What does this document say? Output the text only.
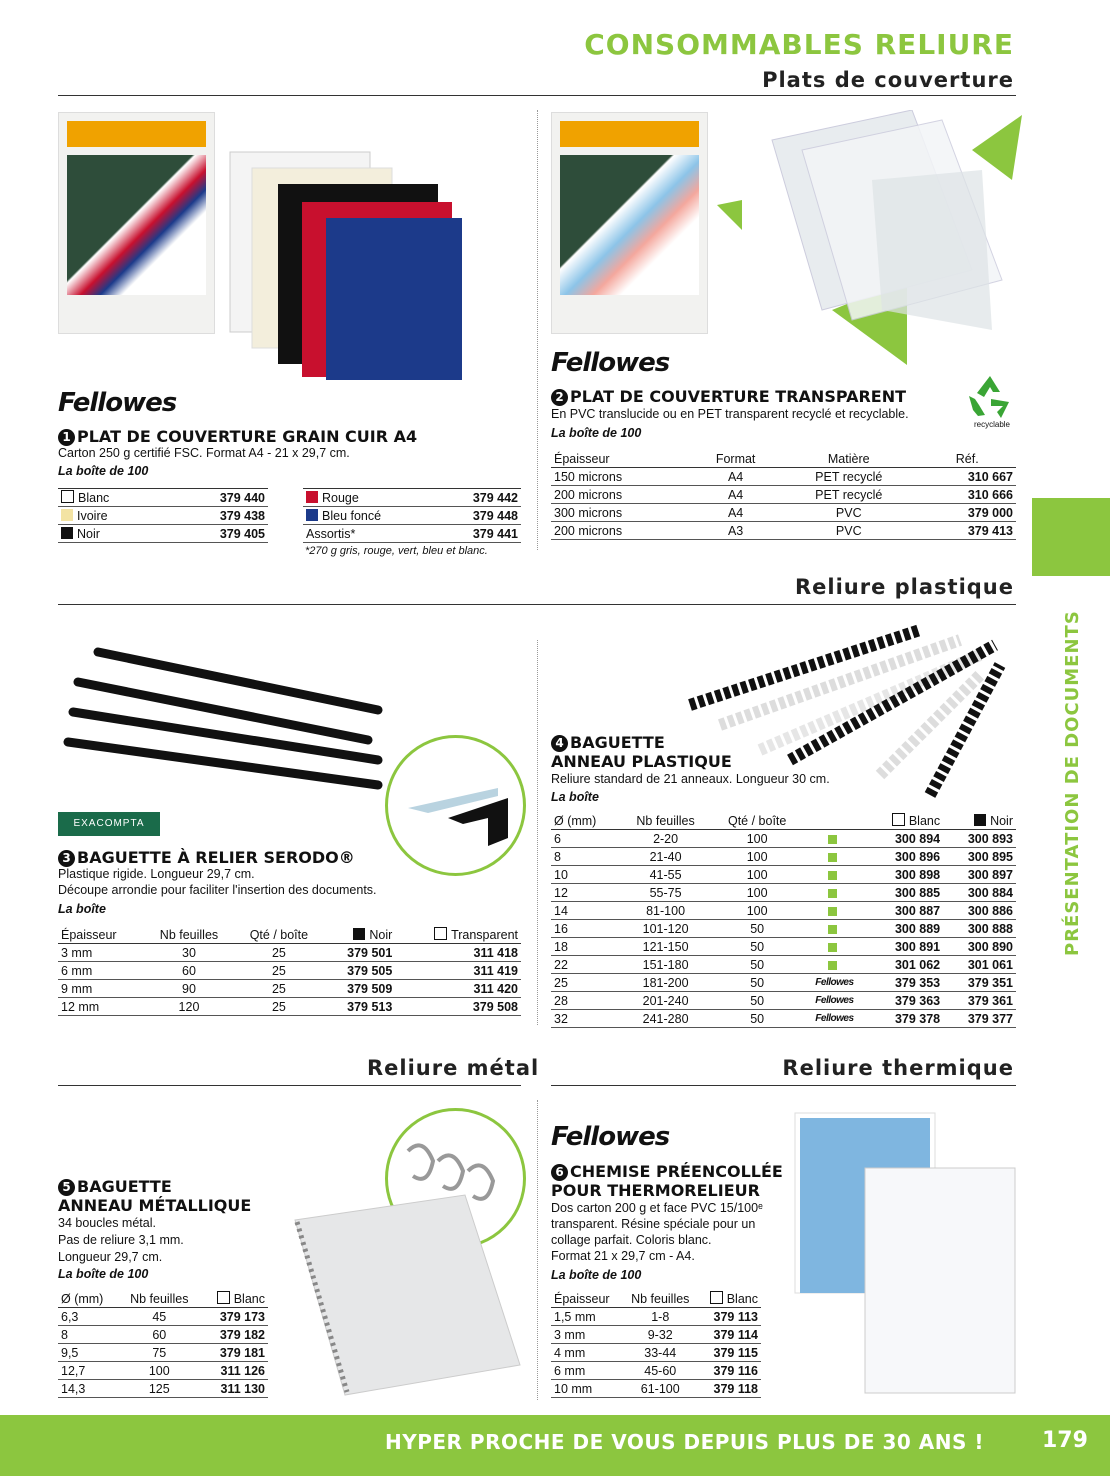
CONSOMMABLES RELIURE
Plats de couverture
Fellowes
1 PLAT DE COUVERTURE GRAIN CUIR A4
Carton 250 g certifié FSC. Format A4 - 21 x 29,7 cm.
La boîte de 100
Blanc	379 440
Ivoire	379 438
Noir	379 405
Rouge	379 442
Bleu foncé	379 448
Assortis*	379 441
*270 g gris, rouge, vert, bleu et blanc.
Fellowes
2 PLAT DE COUVERTURE TRANSPARENT
En PVC translucide ou en PET transparent recyclé et recyclable.
La boîte de 100
recyclable
Épaisseur	Format	Matière	Réf.
150 microns	A4	PET recyclé	310 667
200 microns	A4	PET recyclé	310 666
300 microns	A4	PVC	379 000
200 microns	A3	PVC	379 413
Reliure plastique
EXACOMPTA
3 BAGUETTE À RELIER SERODO®
Plastique rigide. Longueur 29,7 cm.
Découpe arrondie pour faciliter l'insertion des documents.
La boîte
Épaisseur	Nb feuilles	Qté / boîte	Noir	Transparent
3 mm	30	25	379 501	311 418
6 mm	60	25	379 505	311 419
9 mm	90	25	379 509	311 420
12 mm	120	25	379 513	379 508
4 BAGUETTE
ANNEAU PLASTIQUE
Reliure standard de 21 anneaux. Longueur 30 cm.
La boîte
Ø (mm)	Nb feuilles	Qté / boîte		Blanc	Noir
6	2-20	100		300 894	300 893
8	21-40	100		300 896	300 895
10	41-55	100		300 898	300 897
12	55-75	100		300 885	300 884
14	81-100	100		300 887	300 886
16	101-120	50		300 889	300 888
18	121-150	50		300 891	300 890
22	151-180	50		301 062	301 061
25	181-200	50	Fellowes	379 353	379 351
28	201-240	50	Fellowes	379 363	379 361
32	241-280	50	Fellowes	379 378	379 377
Reliure métal	Reliure thermique
5 BAGUETTE
ANNEAU MÉTALLIQUE
34 boucles métal.
Pas de reliure 3,1 mm.
Longueur 29,7 cm.
La boîte de 100
Ø (mm)	Nb feuilles	Blanc
6,3	45	379 173
8	60	379 182
9,5	75	379 181
12,7	100	311 126
14,3	125	311 130
Fellowes
6 CHEMISE PRÉENCOLLÉE
POUR THERMORELIEUR
Dos carton 200 g et face PVC 15/100ᵉ
transparent. Résine spéciale pour un
collage parfait. Coloris blanc.
Format 21 x 29,7 cm - A4.
La boîte de 100
Épaisseur	Nb feuilles	Blanc
1,5 mm	1-8	379 113
3 mm	9-32	379 114
4 mm	33-44	379 115
6 mm	45-60	379 116
10 mm	61-100	379 118
PRÉSENTATION DE DOCUMENTS
HYPER PROCHE DE VOUS DEPUIS PLUS DE 30 ANS !	179
